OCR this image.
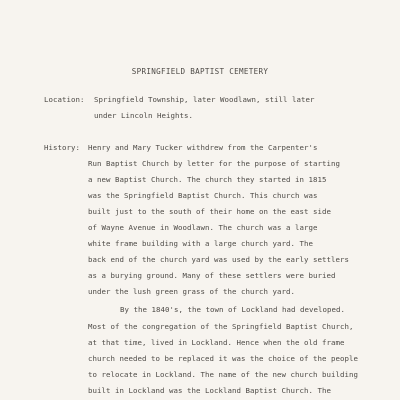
SPRINGFIELD BAPTIST CEMETERY
Location: Springfield Township, later Woodlawn, still later
under Lincoln Heights.
History: Henry and Mary Tucker withdrew from the Carpenter's
Run Baptist Church by letter for the purpose of starting
a new Baptist Church. The church they started in 1815
was the Springfield Baptist Church. This church was
built just to the south of their home on the east side
of Wayne Avenue in Woodlawn. The church was a large
white frame building with a large church yard. The
back end of the church yard was used by the early settlers
as a burying ground. Many of these settlers were buried
under the lush green grass of the church yard.
By the 1840's, the town of Lockland had developed.
Most of the congregation of the Springfield Baptist Church,
at that time, lived in Lockland. Hence when the old frame
church needed to be replaced it was the choice of the people
to relocate in Lockland. The name of the new church building
built in Lockland was the Lockland Baptist Church. The
